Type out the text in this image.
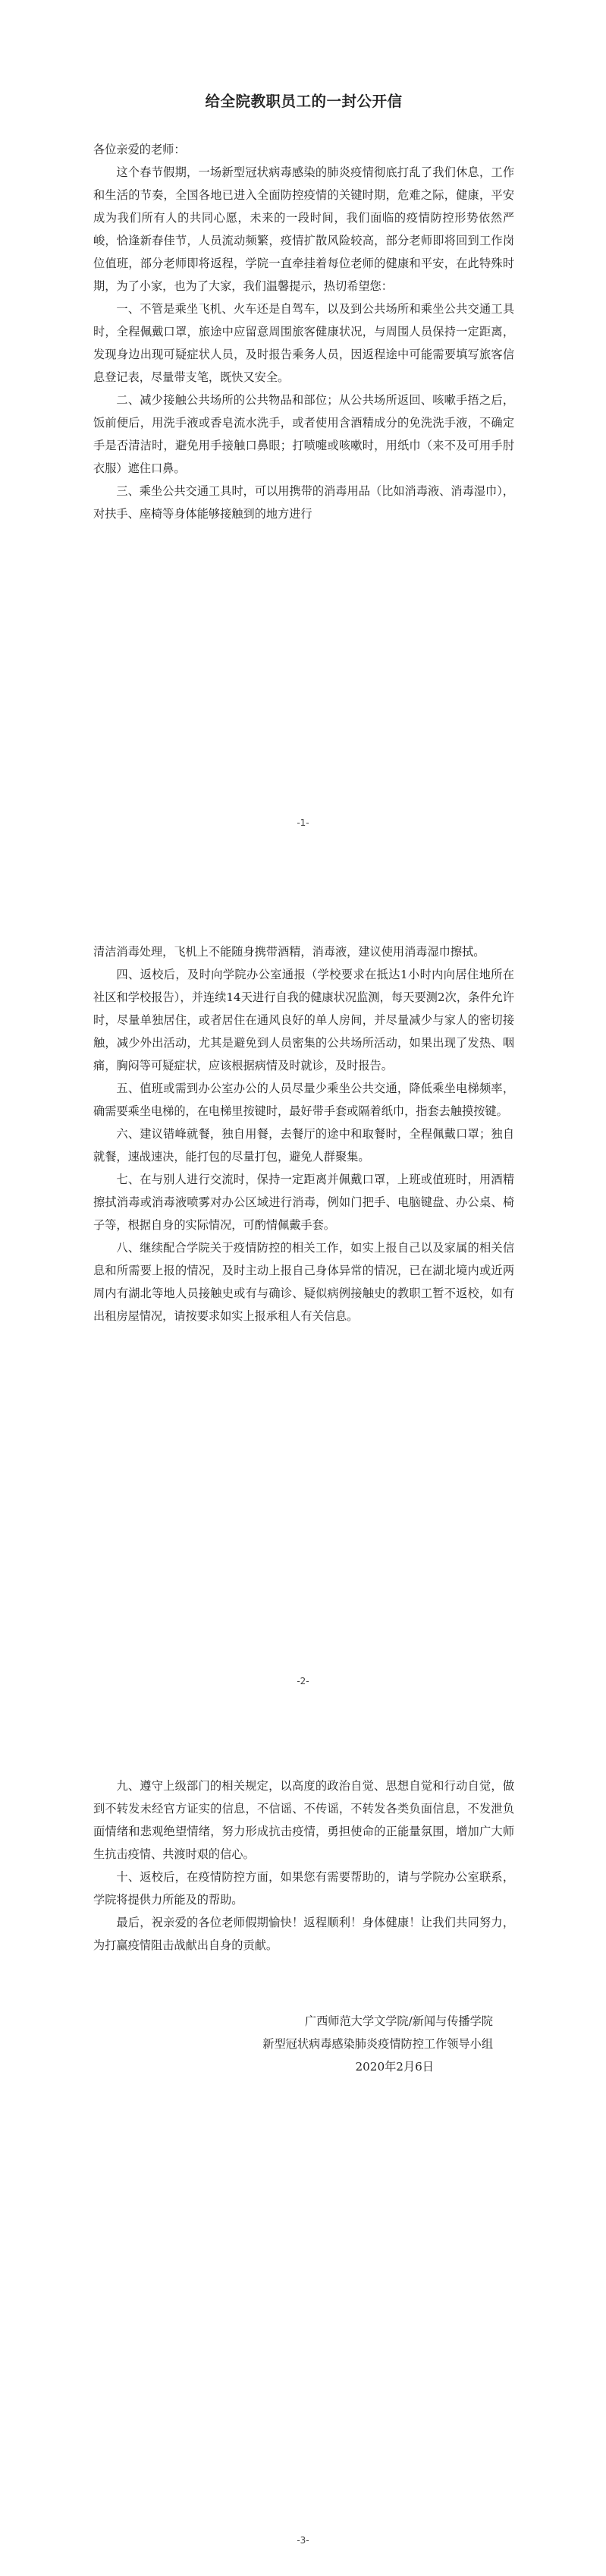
给全院教职员工的一封公开信

各位亲爱的老师：

这个春节假期，一场新型冠状病毒感染的肺炎疫情彻底打乱了我们休息，工作和生活的节奏，全国各地已进入全面防控疫情的关键时期，危难之际，健康，平安成为我们所有人的共同心愿，未来的一段时间，我们面临的疫情防控形势依然严峻，恰逢新春佳节，人员流动频繁，疫情扩散风险较高，部分老师即将回到工作岗位值班，部分老师即将返程，学院一直牵挂着每位老师的健康和平安，在此特殊时期，为了小家，也为了大家，我们温馨提示，热切希望您：

一、不管是乘坐飞机、火车还是自驾车，以及到公共场所和乘坐公共交通工具时，全程佩戴口罩，旅途中应留意周围旅客健康状况，与周围人员保持一定距离，发现身边出现可疑症状人员，及时报告乘务人员，因返程途中可能需要填写旅客信息登记表，尽量带支笔，既快又安全。

二、减少接触公共场所的公共物品和部位；从公共场所返回、咳嗽手捂之后，饭前便后，用洗手液或香皂流水洗手，或者使用含酒精成分的免洗洗手液，不确定手是否清洁时，避免用手接触口鼻眼；打喷嚏或咳嗽时，用纸巾（来不及可用手肘衣服）遮住口鼻。

三、乘坐公共交通工具时，可以用携带的消毒用品（比如消毒液、消毒湿巾），对扶手、座椅等身体能够接触到的地方进行

-1-

清洁消毒处理，飞机上不能随身携带酒精，消毒液，建议使用消毒湿巾擦拭。

四、返校后，及时向学院办公室通报（学校要求在抵达1小时内向居住地所在社区和学校报告），并连续14天进行自我的健康状况监测，每天要测2次，条件允许时，尽量单独居住，或者居住在通风良好的单人房间，并尽量减少与家人的密切接触，减少外出活动，尤其是避免到人员密集的公共场所活动，如果出现了发热、咽痛，胸闷等可疑症状，应该根据病情及时就诊，及时报告。

五、值班或需到办公室办公的人员尽量少乘坐公共交通，降低乘坐电梯频率，确需要乘坐电梯的，在电梯里按键时，最好带手套或隔着纸巾，指套去触摸按键。

六、建议错峰就餐，独自用餐，去餐厅的途中和取餐时，全程佩戴口罩；独自就餐，速战速决，能打包的尽量打包，避免人群聚集。

七、在与别人进行交流时，保持一定距离并佩戴口罩，上班或值班时，用酒精擦拭消毒或消毒液喷雾对办公区域进行消毒，例如门把手、电脑键盘、办公桌、椅子等，根据自身的实际情况，可酌情佩戴手套。

八、继续配合学院关于疫情防控的相关工作，如实上报自己以及家属的相关信息和所需要上报的情况，及时主动上报自己身体异常的情况，已在湖北境内或近两周内有湖北等地人员接触史或有与确诊、疑似病例接触史的教职工暂不返校，如有出租房屋情况，请按要求如实上报承租人有关信息。

-2-

九、遵守上级部门的相关规定，以高度的政治自觉、思想自觉和行动自觉，做到不转发未经官方证实的信息，不信谣、不传谣，不转发各类负面信息，不发泄负面情绪和悲观绝望情绪，努力形成抗击疫情，勇担使命的正能量氛围，增加广大师生抗击疫情、共渡时艰的信心。

十、返校后，在疫情防控方面，如果您有需要帮助的，请与学院办公室联系，学院将提供力所能及的帮助。

最后，祝亲爱的各位老师假期愉快！返程顺利！身体健康！让我们共同努力，为打赢疫情阻击战献出自身的贡献。

广西师范大学文学院/新闻与传播学院
新型冠状病毒感染肺炎疫情防控工作领导小组
2020年2月6日
-3-
